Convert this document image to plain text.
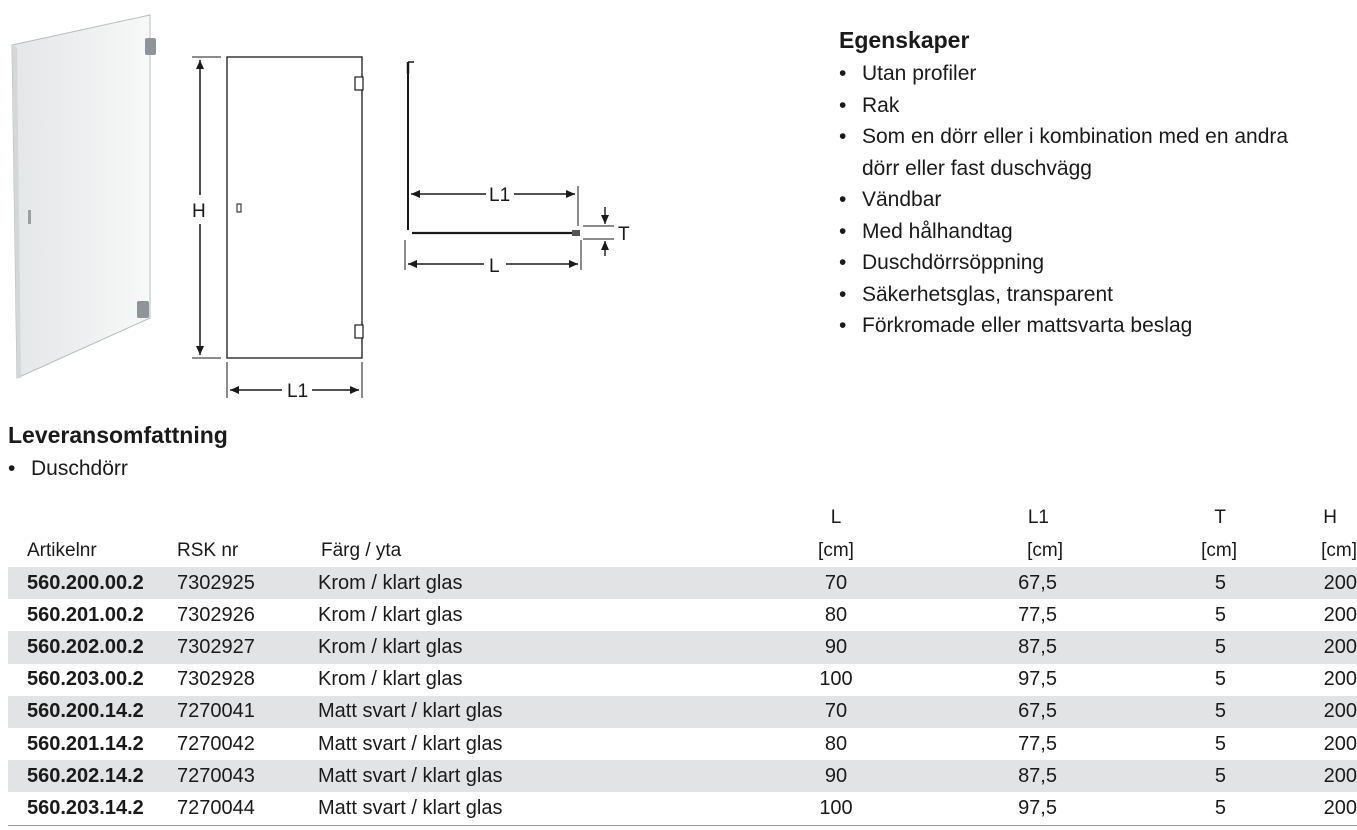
H
L1
L1
T
L
Egenskaper
• Utan profiler
• Rak
• Som en dörr eller i kombination med en andra dörr eller fast duschvägg
• Vändbar
• Med hålhandtag
• Duschdörrsöppning
• Säkerhetsglas, transparent
• Förkromade eller mattsvarta beslag
Leveransomfattning
• Duschdörr
			L	L1	T	H
Artikelnr	RSK nr	Färg / yta	[cm]	[cm]	[cm]	[cm]
560.200.00.2	7302925	Krom / klart glas	70	67,5	5	200
560.201.00.2	7302926	Krom / klart glas	80	77,5	5	200
560.202.00.2	7302927	Krom / klart glas	90	87,5	5	200
560.203.00.2	7302928	Krom / klart glas	100	97,5	5	200
560.200.14.2	7270041	Matt svart / klart glas	70	67,5	5	200
560.201.14.2	7270042	Matt svart / klart glas	80	77,5	5	200
560.202.14.2	7270043	Matt svart / klart glas	90	87,5	5	200
560.203.14.2	7270044	Matt svart / klart glas	100	97,5	5	200
